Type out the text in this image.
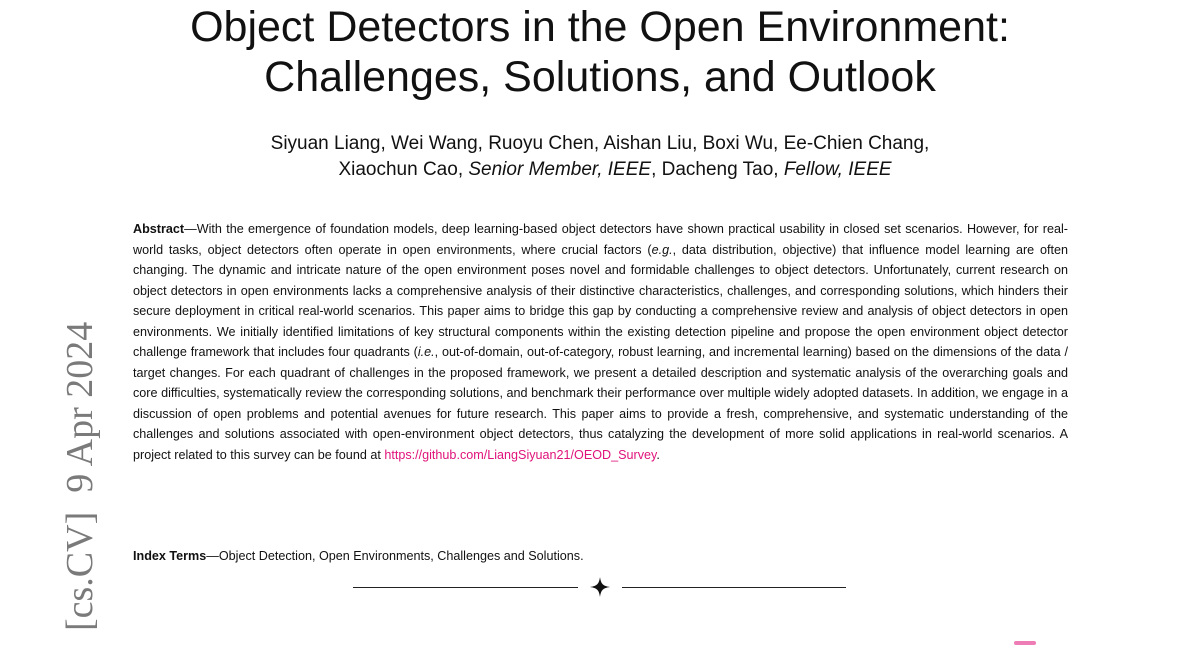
Object Detectors in the Open Environment:
Challenges, Solutions, and Outlook
Siyuan Liang, Wei Wang, Ruoyu Chen, Aishan Liu, Boxi Wu, Ee-Chien Chang,
Xiaochun Cao, Senior Member, IEEE, Dacheng Tao, Fellow, IEEE
Abstract—With the emergence of foundation models, deep learning-based object detectors have shown practical usability in closed set scenarios. However, for real-world tasks, object detectors often operate in open environments, where crucial factors (e.g., data distribution, objective) that influence model learning are often changing. The dynamic and intricate nature of the open environment poses novel and formidable challenges to object detectors. Unfortunately, current research on object detectors in open environments lacks a comprehensive analysis of their distinctive characteristics, challenges, and corresponding solutions, which hinders their secure deployment in critical real-world scenarios. This paper aims to bridge this gap by conducting a comprehensive review and analysis of object detectors in open environments. We initially identified limitations of key structural components within the existing detection pipeline and propose the open environment object detector challenge framework that includes four quadrants (i.e., out-of-domain, out-of-category, robust learning, and incremental learning) based on the dimensions of the data / target changes. For each quadrant of challenges in the proposed framework, we present a detailed description and systematic analysis of the overarching goals and core difficulties, systematically review the corresponding solutions, and benchmark their performance over multiple widely adopted datasets. In addition, we engage in a discussion of open problems and potential avenues for future research. This paper aims to provide a fresh, comprehensive, and systematic understanding of the challenges and solutions associated with open-environment object detectors, thus catalyzing the development of more solid applications in real-world scenarios. A project related to this survey can be found at https://github.com/LiangSiyuan21/OEOD_Survey.
Index Terms—Object Detection, Open Environments, Challenges and Solutions.
[cs.CV]  9 Apr 2024
